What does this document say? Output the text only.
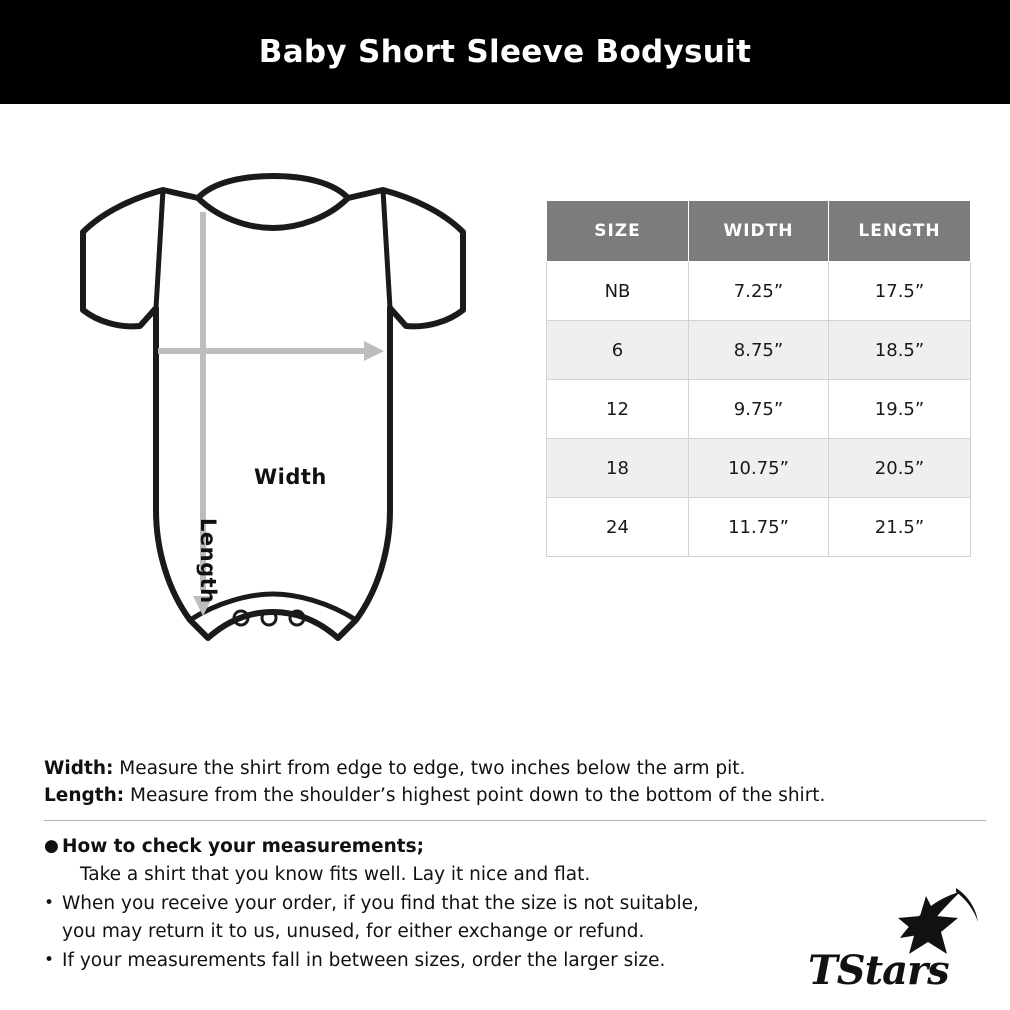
Baby Short Sleeve Bodysuit
Width
Length
SIZE	WIDTH	LENGTH
NB	7.25”	17.5”
6	8.75”	18.5”
12	9.75”	19.5”
18	10.75”	20.5”
24	11.75”	21.5”
Width: Measure the shirt from edge to edge, two inches below the arm pit.
Length: Measure from the shoulder’s highest point down to the bottom of the shirt.
● How to check your measurements;
Take a shirt that you know fits well. Lay it nice and flat.
• When you receive your order, if you find that the size is not suitable,
you may return it to us, unused, for either exchange or refund.
• If your measurements fall in between sizes, order the larger size.	TStars
